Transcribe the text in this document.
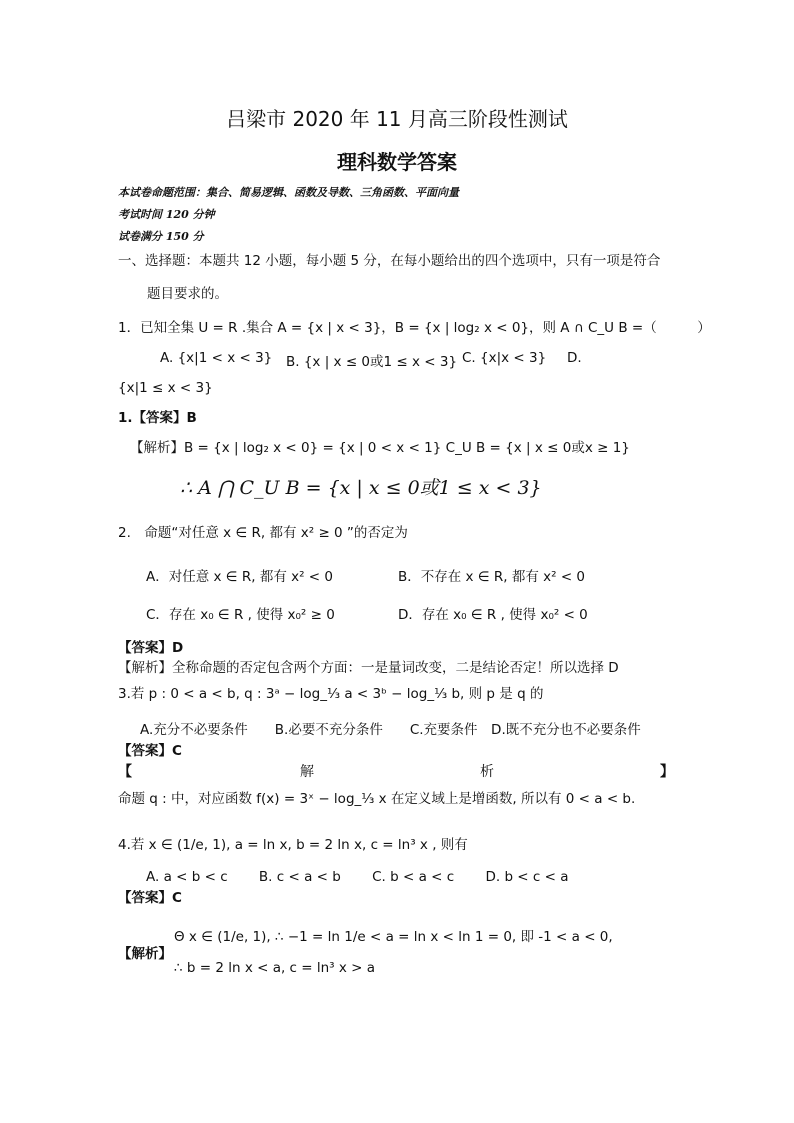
吕梁市 2020 年 11 月高三阶段性测试
理科数学答案
本试卷命题范围：集合、简易逻辑、函数及导数、三角函数、平面向量
考试时间 120 分钟
试卷满分 150 分
一、选择题：本题共 12 小题，每小题 5 分，在每小题给出的四个选项中，只有一项是符合
题目要求的。
1．已知全集 U = R .集合 A = {x | x < 3}，B = {x | log₂ x < 0}，则 A ∩ C_U B =（　　　）
A. {x|1 < x < 3} B. {x | x ≤ 0或1 ≤ x < 3} C. {x|x < 3} D.
{x|1 ≤ x < 3}
1.【答案】B
【解析】B = {x | log₂ x < 0} = {x | 0 < x < 1} C_U B = {x | x ≤ 0或x ≥ 1}
∴ A ⋂ C_U B = {x | x ≤ 0或1 ≤ x < 3}
2.　命题“对任意 x ∈ R, 都有 x² ≥ 0 ”的否定为
A．对任意 x ∈ R, 都有 x² < 0	B．不存在 x ∈ R, 都有 x² < 0
C．存在 x₀ ∈ R , 使得 x₀² ≥ 0	D．存在 x₀ ∈ R , 使得 x₀² < 0
【答案】D
【解析】全称命题的否定包含两个方面：一是量词改变，二是结论否定！所以选择 D
3.若 p : 0 < a < b, q : 3ᵃ − log_⅓ a < 3ᵇ − log_⅓ b, 则 p 是 q 的
A.充分不必要条件　　B.必要不充分条件　　C.充要条件　D.既不充分也不必要条件
【答案】C
【	解	析	】
命题 q : 中，对应函数 f(x) = 3ˣ − log_⅓ x 在定义域上是增函数, 所以有 0 < a < b.
4.若 x ∈ (1/e, 1), a = ln x, b = 2 ln x, c = ln³ x , 则有
A. a < b < c　　 B. c < a < b　　 C. b < a < c　　 D. b < c < a
【答案】C
Θ x ∈ (1/e, 1), ∴ −1 = ln 1/e < a = ln x < ln 1 = 0, 即 -1 < a < 0,
【解析】
∴ b = 2 ln x < a, c = ln³ x > a
